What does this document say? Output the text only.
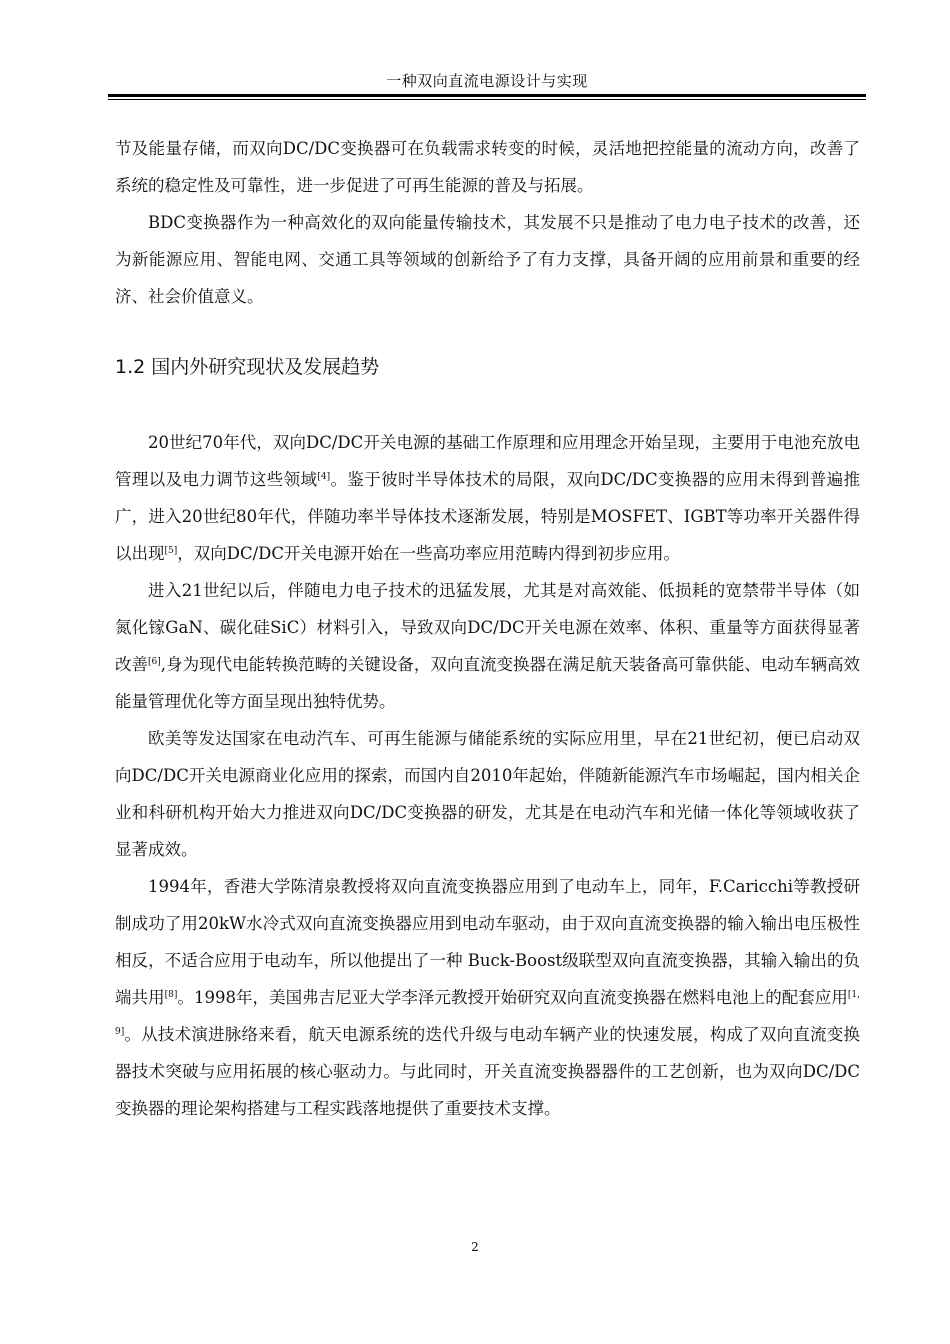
一种双向直流电源设计与实现

节及能量存储，而双向DC/DC变换器可在负载需求转变的时候，灵活地把控能量的流动方向，改善了系统的稳定性及可靠性，进一步促进了可再生能源的普及与拓展。

BDC变换器作为一种高效化的双向能量传输技术，其发展不只是推动了电力电子技术的改善，还为新能源应用、智能电网、交通工具等领域的创新给予了有力支撑，具备开阔的应用前景和重要的经济、社会价值意义。

1.2 国内外研究现状及发展趋势

20世纪70年代，双向DC/DC开关电源的基础工作原理和应用理念开始呈现，主要用于电池充放电管理以及电力调节这些领域[4]。鉴于彼时半导体技术的局限，双向DC/DC变换器的应用未得到普遍推广，进入20世纪80年代，伴随功率半导体技术逐渐发展，特别是MOSFET、IGBT等功率开关器件得以出现[5]，双向DC/DC开关电源开始在一些高功率应用范畴内得到初步应用。

进入21世纪以后，伴随电力电子技术的迅猛发展，尤其是对高效能、低损耗的宽禁带半导体（如氮化镓GaN、碳化硅SiC）材料引入，导致双向DC/DC开关电源在效率、体积、重量等方面获得显著改善[6],身为现代电能转换范畴的关键设备，双向直流变换器在满足航天装备高可靠供能、电动车辆高效能量管理优化等方面呈现出独特优势。

欧美等发达国家在电动汽车、可再生能源与储能系统的实际应用里，早在21世纪初，便已启动双向DC/DC开关电源商业化应用的探索，而国内自2010年起始，伴随新能源汽车市场崛起，国内相关企业和科研机构开始大力推进双向DC/DC变换器的研发，尤其是在电动汽车和光储一体化等领域收获了显著成效。

1994年，香港大学陈清泉教授将双向直流变换器应用到了电动车上，同年，F.Caricchi等教授研制成功了用20kW水冷式双向直流变换器应用到电动车驱动，由于双向直流变换器的输入输出电压极性相反，不适合应用于电动车，所以他提出了一种 Buck-Boost级联型双向直流变换器，其输入输出的负端共用[8]。1998年，美国弗吉尼亚大学李泽元教授开始研究双向直流变换器在燃料电池上的配套应用[1, 9]。从技术演进脉络来看，航天电源系统的迭代升级与电动车辆产业的快速发展，构成了双向直流变换器技术突破与应用拓展的核心驱动力。与此同时，开关直流变换器器件的工艺创新，也为双向DC/DC变换器的理论架构搭建与工程实践落地提供了重要技术支撑。

2
